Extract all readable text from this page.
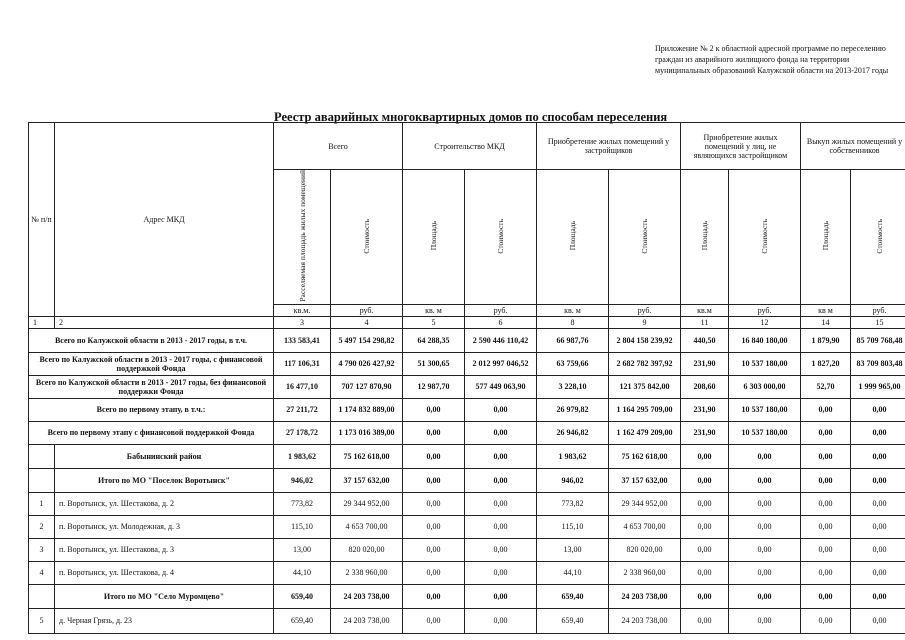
Приложение № 2 к областной адресной программе по переселению граждан из аварийного жилищного фонда на территории муниципальных образований Калужской области на 2013-2017 годы
Реестр аварийных многоквартирных домов по способам переселения
№ п/п	Адрес МКД	Всего		Строительство МКД		Приобретение жилых помещений у застройщиков		Приобретение жилых помещений у лиц, не являющихся застройщиком		Выкуп жилых помещений у собственников	
		Расселяемая площадь жилых помещений	Стоимость	Площадь	Стоимость	Площадь	Стоимость	Площадь	Стоимость	Площадь	Стоимость
		кв.м.	руб.	кв. м	руб.	кв. м	руб.	кв.м	руб.	кв м	руб.
1	2	3	4	5	6	8	9	11	12	14	15
Всего по Калужской области в 2013 - 2017 годы, в т.ч.		133 583,41	5 497 154 298,82	64 288,35	2 590 446 110,42	66 987,76	2 804 158 239,92	440,50	16 840 180,00	1 879,90	85 709 768,48
Всего по Калужской области в 2013 - 2017 годы, с финансовой поддержкой Фонда		117 106,31	4 790 026 427,92	51 300,65	2 012 997 046,52	63 759,66	2 682 782 397,92	231,90	10 537 180,00	1 827,20	83 709 803,48
Всего по Калужской области в 2013 - 2017 годы, без финансовой поддержки Фонда		16 477,10	707 127 870,90	12 987,70	577 449 063,90	3 228,10	121 375 842,00	208,60	6 303 000,00	52,70	1 999 965,00
Всего по первому этапу, в т.ч.:		27 211,72	1 174 832 889,00	0,00	0,00	26 979,82	1 164 295 709,00	231,90	10 537 180,00	0,00	0,00
Всего по первому этапу с финансовой поддержкой Фонда		27 178,72	1 173 016 389,00	0,00	0,00	26 946,82	1 162 479 209,00	231,90	10 537 180,00	0,00	0,00
	Бабынинский район	1 983,62	75 162 618,00	0,00	0,00	1 983,62	75 162 618,00	0,00	0,00	0,00	0,00
	Итого по МО "Поселок Воротынск"	946,02	37 157 632,00	0,00	0,00	946,02	37 157 632,00	0,00	0,00	0,00	0,00
1	п. Воротынск, ул. Шестакова, д. 2	773,82	29 344 952,00	0,00	0,00	773,82	29 344 952,00	0,00	0,00	0,00	0,00
2	п. Воротынск, ул. Молодежная, д. 3	115,10	4 653 700,00	0,00	0,00	115,10	4 653 700,00	0,00	0,00	0,00	0,00
3	п. Воротынск, ул. Шестакова, д. 3	13,00	820 020,00	0,00	0,00	13,00	820 020,00	0,00	0,00	0,00	0,00
4	п. Воротынск, ул. Шестакова, д. 4	44,10	2 338 960,00	0,00	0,00	44,10	2 338 960,00	0,00	0,00	0,00	0,00
	Итого по МО "Село Муромцево"	659,40	24 203 738,00	0,00	0,00	659,40	24 203 738,00	0,00	0,00	0,00	0,00
5	д. Черная Грязь, д. 23	659,40	24 203 738,00	0,00	0,00	659,40	24 203 738,00	0,00	0,00	0,00	0,00
